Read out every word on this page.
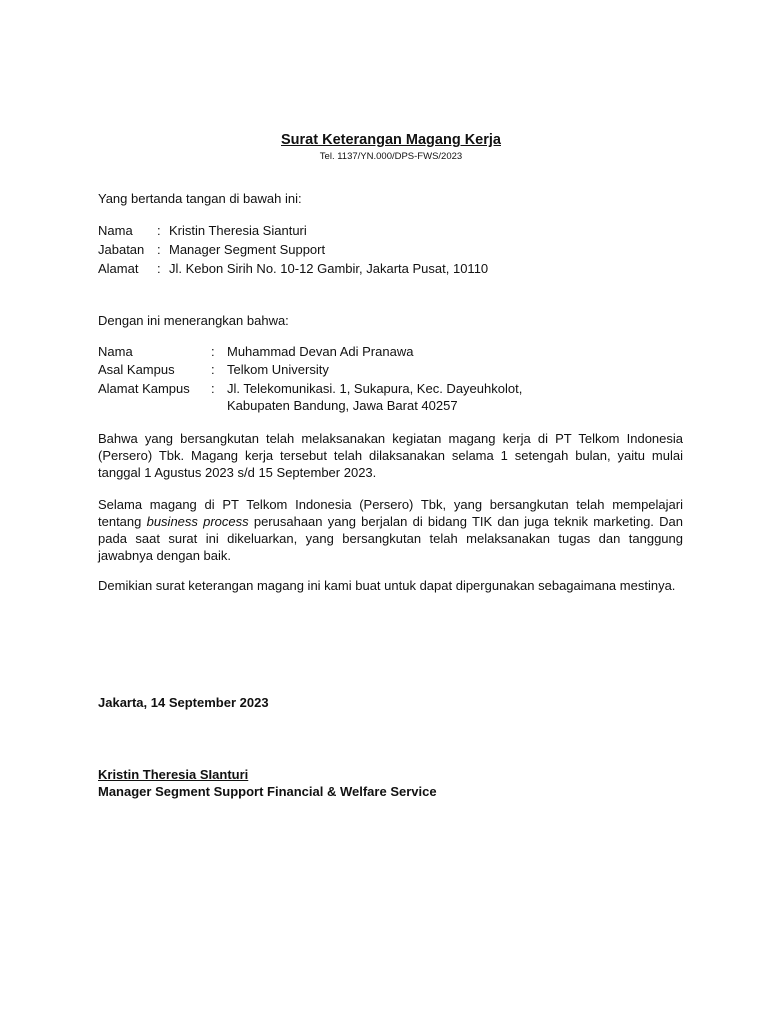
Surat Keterangan Magang Kerja
Tel. 1137/YN.000/DPS-FWS/2023
Yang bertanda tangan di bawah ini:
Nama : Kristin Theresia Sianturi
Jabatan : Manager Segment Support
Alamat : Jl. Kebon Sirih No. 10-12 Gambir, Jakarta Pusat, 10110
Dengan ini menerangkan bahwa:
Nama	: Muhammad Devan Adi Pranawa
Asal Kampus	: Telkom University
Alamat Kampus : Jl. Telekomunikasi. 1, Sukapura, Kec. Dayeuhkolot,
Kabupaten Bandung, Jawa Barat 40257
Bahwa yang bersangkutan telah melaksanakan kegiatan magang kerja di PT Telkom Indonesia (Persero) Tbk. Magang kerja tersebut telah dilaksanakan selama 1 setengah bulan, yaitu mulai tanggal 1 Agustus 2023 s/d 15 September 2023.
Selama magang di PT Telkom Indonesia (Persero) Tbk, yang bersangkutan telah mempelajari tentang business process perusahaan yang berjalan di bidang TIK dan juga teknik marketing. Dan pada saat surat ini dikeluarkan, yang bersangkutan telah melaksanakan tugas dan tanggung jawabnya dengan baik.
Demikian surat keterangan magang ini kami buat untuk dapat dipergunakan sebagaimana mestinya.
Jakarta, 14 September 2023
Kristin Theresia SIanturi
Manager Segment Support Financial & Welfare Service
